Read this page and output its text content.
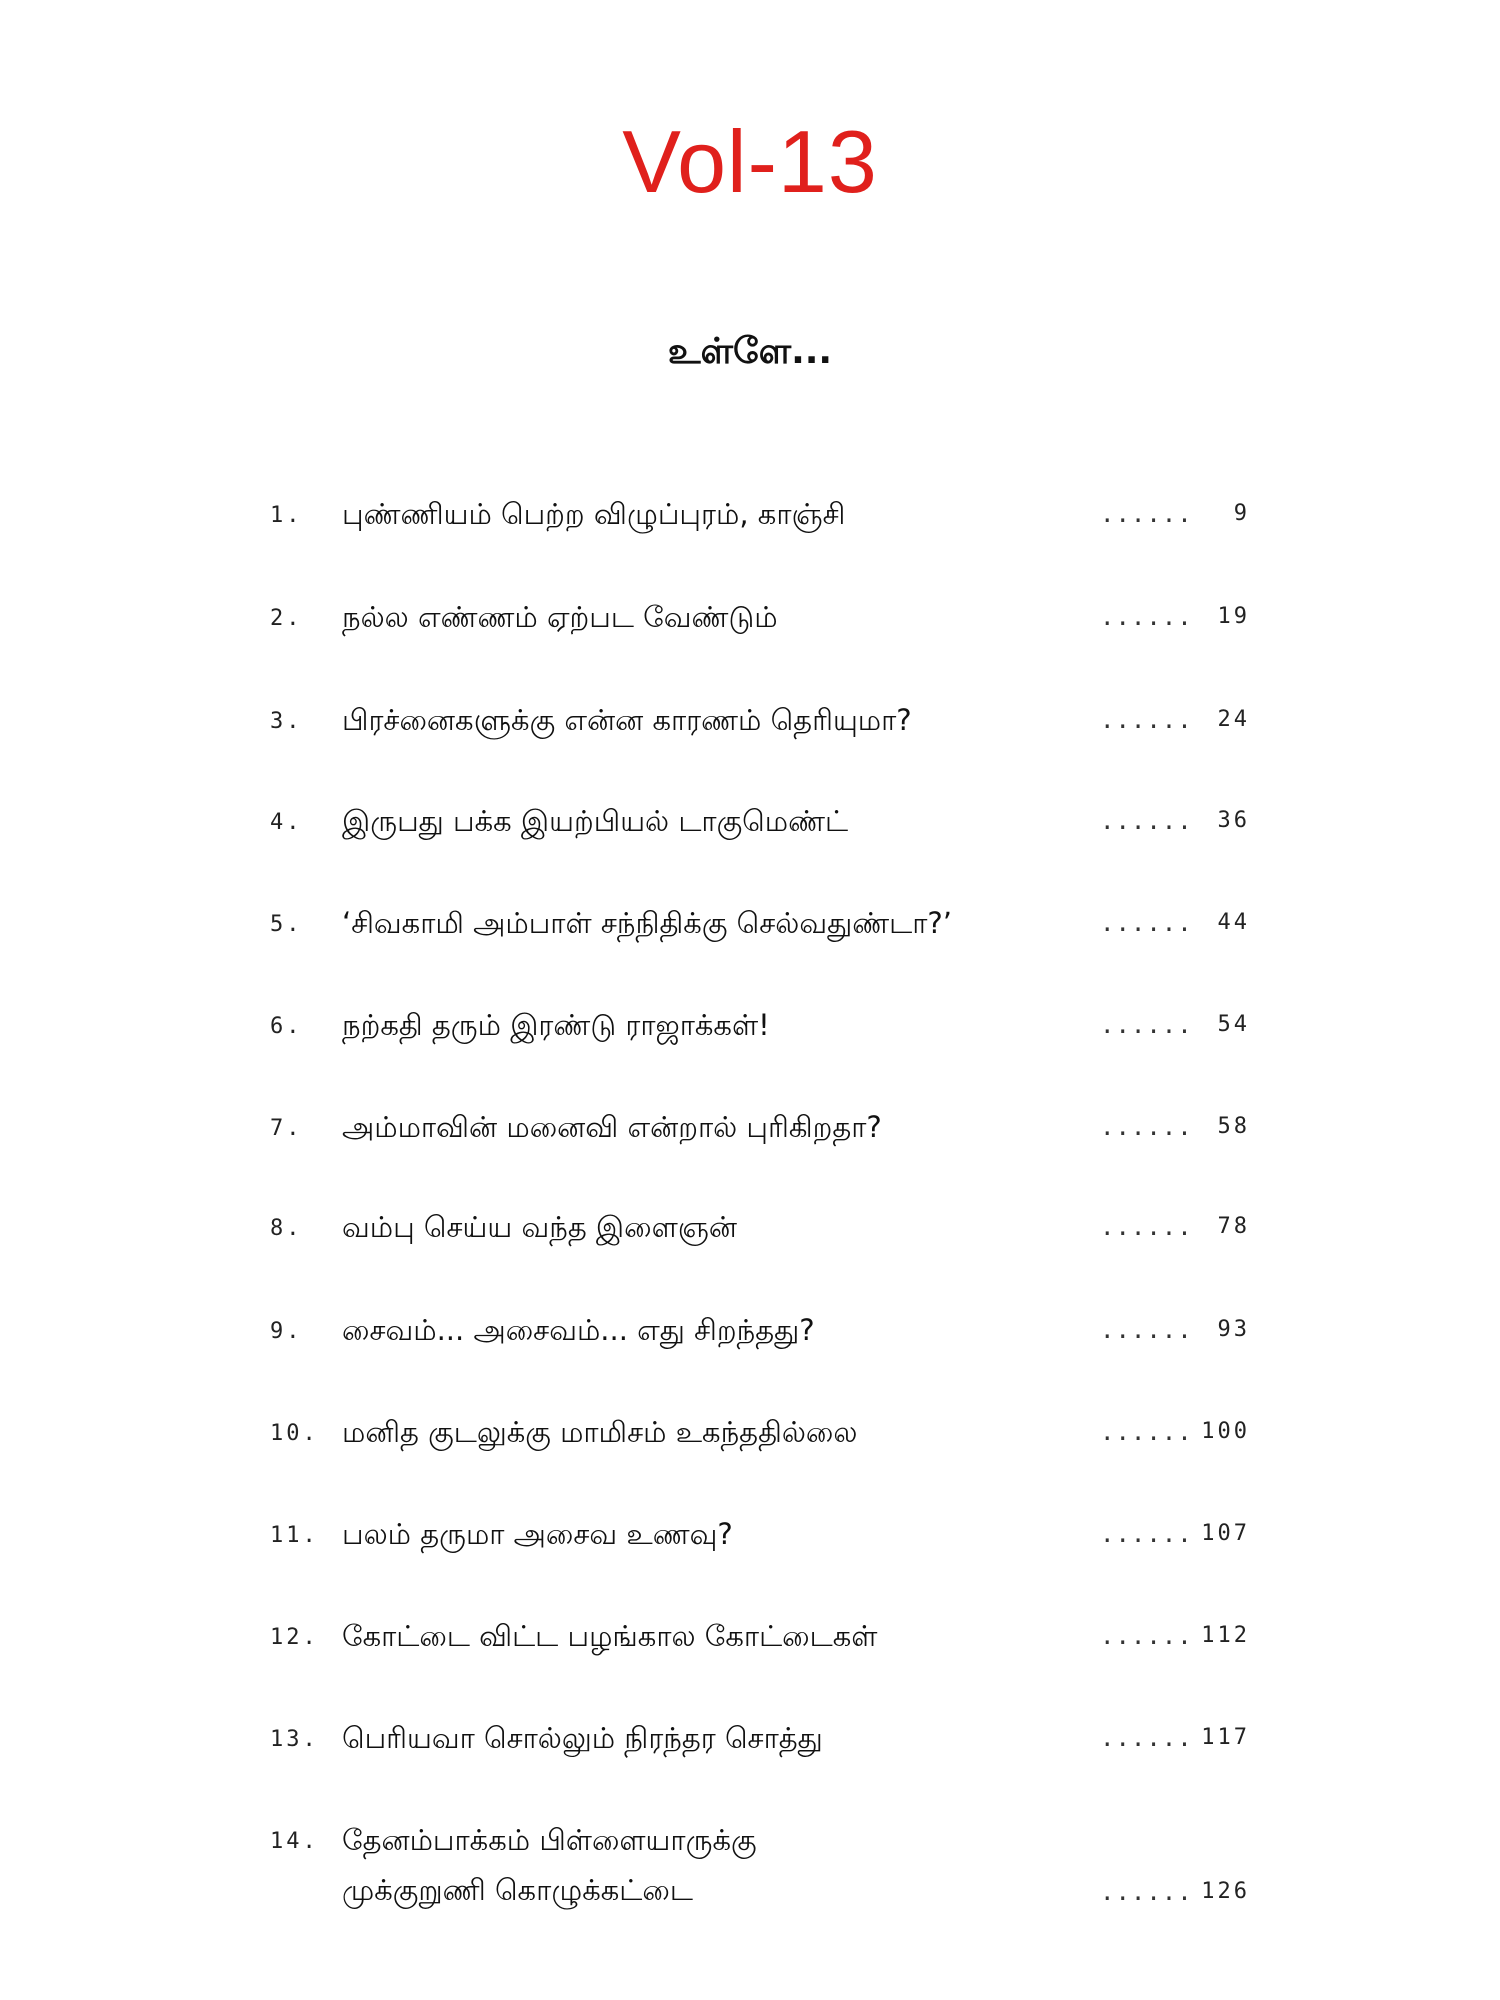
Vol-13
உள்ளே...
1.	புண்ணியம் பெற்ற விழுப்புரம், காஞ்சி	......	9
2.	நல்ல எண்ணம் ஏற்பட வேண்டும்	......	19
3.	பிரச்னைகளுக்கு என்ன காரணம் தெரியுமா?	......	24
4.	இருபது பக்க இயற்பியல் டாகுமெண்ட்	......	36
5.	‘சிவகாமி அம்பாள் சந்நிதிக்கு செல்வதுண்டா?’	......	44
6.	நற்கதி தரும் இரண்டு ராஜாக்கள்!	......	54
7.	அம்மாவின் மனைவி என்றால் புரிகிறதா?	......	58
8.	வம்பு செய்ய வந்த இளைஞன்	......	78
9.	சைவம்... அசைவம்... எது சிறந்தது?	......	93
10. மனித குடலுக்கு மாமிசம் உகந்ததில்லை	...... 100
11. பலம் தருமா அசைவ உணவு?	...... 107
12. கோட்டை விட்ட பழங்கால கோட்டைகள்	...... 112
13. பெரியவா சொல்லும் நிரந்தர சொத்து	...... 117
14. தேனம்பாக்கம் பிள்ளையாருக்கு
முக்குறுணி கொழுக்கட்டை	...... 126
